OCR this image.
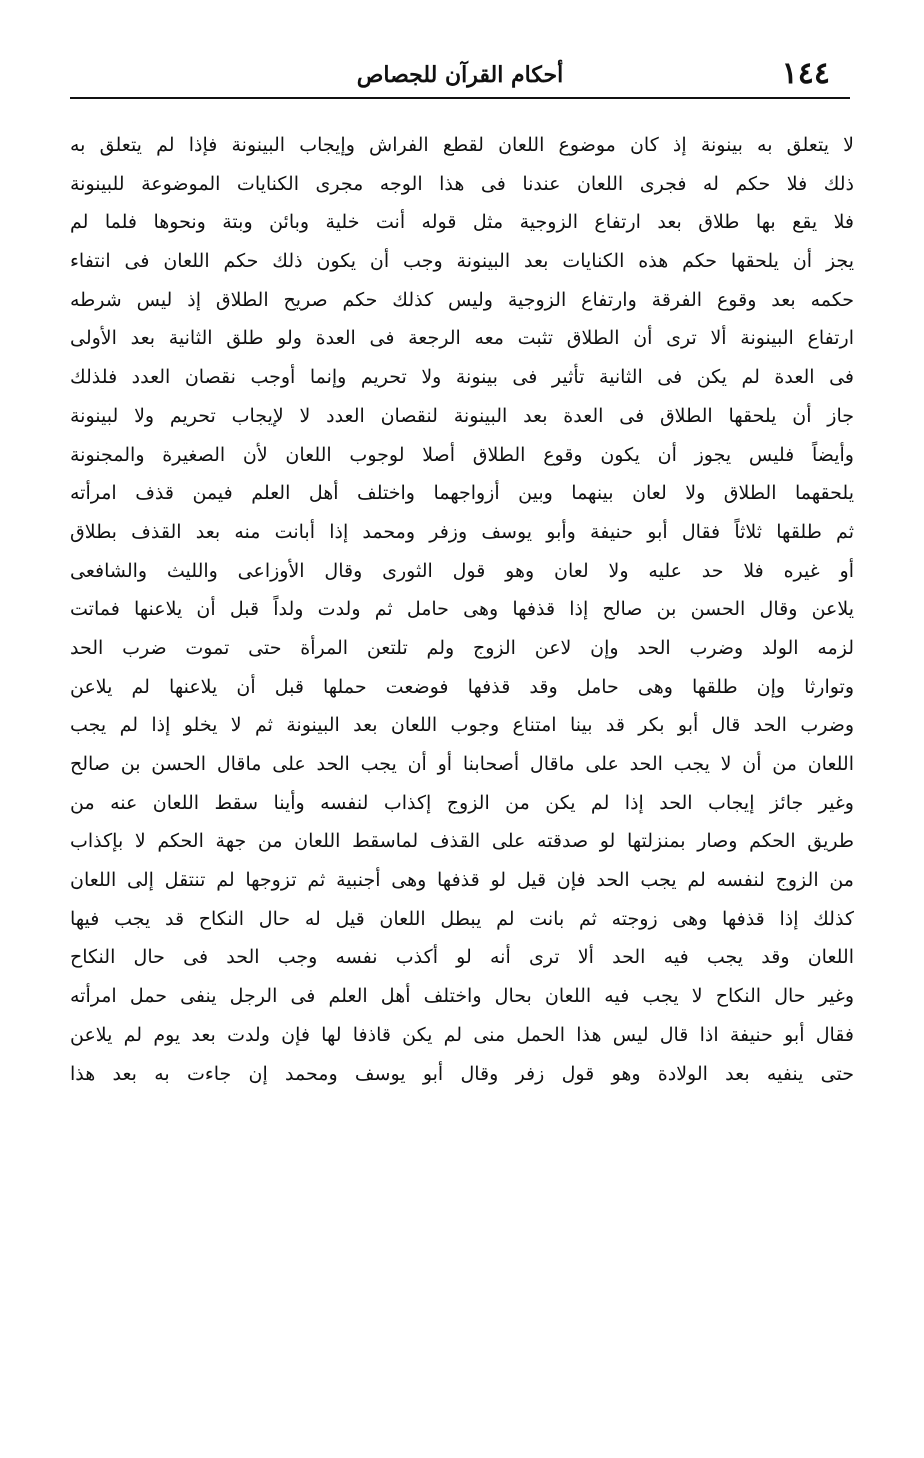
١٤٤
أحكام القرآن للجصاص
لا يتعلق به بينونة إذ كان موضوع اللعان لقطع الفراش وإيجاب البينونة فإذا لم يتعلق به
ذلك فلا حكم له فجرى اللعان عندنا فى هذا الوجه مجرى الكنايات الموضوعة للبينونة
فلا يقع بها طلاق بعد ارتفاع الزوجية مثل قوله أنت خلية وبائن وبتة ونحوها فلما لم
يجز أن يلحقها حكم هذه الكنايات بعد البينونة وجب أن يكون ذلك حكم اللعان فى انتفاء
حكمه بعد وقوع الفرقة وارتفاع الزوجية وليس كذلك حكم صريح الطلاق إذ ليس شرطه
ارتفاع البينونة ألا ترى أن الطلاق تثبت معه الرجعة فى العدة ولو طلق الثانية بعد الأولى
فى العدة لم يكن فى الثانية تأثير فى بينونة ولا تحريم وإنما أوجب نقصان العدد فلذلك
جاز أن يلحقها الطلاق فى العدة بعد البينونة لنقصان العدد لا لإيجاب تحريم ولا لبينونة
وأيضاً فليس يجوز أن يكون وقوع الطلاق أصلا لوجوب اللعان لأن الصغيرة والمجنونة
يلحقهما الطلاق ولا لعان بينهما وبين أزواجهما واختلف أهل العلم فيمن قذف امرأته
ثم طلقها ثلاثاً فقال أبو حنيفة وأبو يوسف وزفر ومحمد إذا أبانت منه بعد القذف بطلاق
أو غيره فلا حد عليه ولا لعان وهو قول الثورى وقال الأوزاعى والليث والشافعى
يلاعن وقال الحسن بن صالح إذا قذفها وهى حامل ثم ولدت ولداً قبل أن يلاعنها فماتت
لزمه الولد وضرب الحد وإن لاعن الزوج ولم تلتعن المرأة حتى تموت ضرب الحد
وتوارثا وإن طلقها وهى حامل وقد قذفها فوضعت حملها قبل أن يلاعنها لم يلاعن
وضرب الحد قال أبو بكر قد بينا امتناع وجوب اللعان بعد البينونة ثم لا يخلو إذا لم يجب
اللعان من أن لا يجب الحد على ماقال أصحابنا أو أن يجب الحد على ماقال الحسن بن صالح
وغير جائز إيجاب الحد إذا لم يكن من الزوج إكذاب لنفسه وأينا سقط اللعان عنه من
طريق الحكم وصار بمنزلتها لو صدقته على القذف لماسقط اللعان من جهة الحكم لا بإكذاب
من الزوج لنفسه لم يجب الحد فإن قيل لو قذفها وهى أجنبية ثم تزوجها لم تنتقل إلى اللعان
كذلك إذا قذفها وهى زوجته ثم بانت لم يبطل اللعان قيل له حال النكاح قد يجب فيها
اللعان وقد يجب فيه الحد ألا ترى أنه لو أكذب نفسه وجب الحد فى حال النكاح
وغير حال النكاح لا يجب فيه اللعان بحال واختلف أهل العلم فى الرجل ينفى حمل امرأته
فقال أبو حنيفة اذا قال ليس هذا الحمل منى لم يكن قاذفا لها فإن ولدت بعد يوم لم يلاعن
حتى ينفيه بعد الولادة وهو قول زفر وقال أبو يوسف ومحمد إن جاءت به بعد هذا
